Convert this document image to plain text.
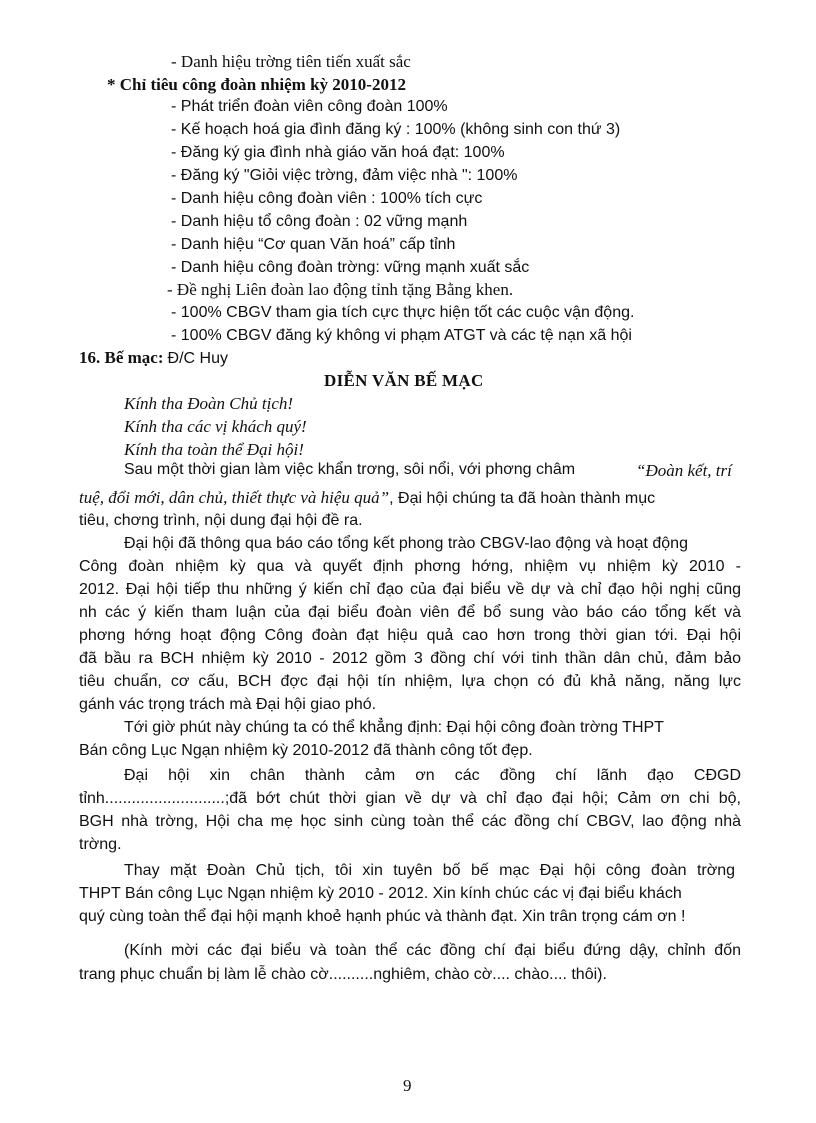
- Danh hiệu trờng tiên tiến xuất sắc
* Chỉ tiêu công đoàn nhiệm kỳ 2010-2012
- Phát triển đoàn viên công đoàn 100%
- Kế hoạch hoá gia đình đăng ký : 100% (không sinh con thứ 3)
- Đăng ký gia đình nhà giáo văn hoá đạt: 100%
- Đăng ký "Giỏi việc trờng, đảm việc nhà ": 100%
- Danh hiệu công đoàn viên : 100% tích cực
- Danh hiệu tổ công đoàn : 02 vững mạnh
- Danh hiệu “Cơ quan Văn hoá” cấp tỉnh
- Danh hiệu công đoàn trờng: vững mạnh xuất sắc
- Đề nghị Liên đoàn lao động tỉnh tặng Bằng khen.
- 100% CBGV tham gia tích cực thực hiện tốt các cuộc vận động.
- 100% CBGV đăng ký không vi phạm ATGT và các tệ nạn xã hội
16. Bế mạc: Đ/C Huy
DIỄN VĂN BẾ MẠC
Kính tha Đoàn Chủ tịch!
Kính tha các vị khách quý!
Kính tha toàn thể Đại hội!
Sau một thời gian làm việc khẩn trơng, sôi nổi, với phơng châm	“Đoàn kết, trí
tuệ, đổi mới, dân chủ, thiết thực và hiệu quả”, Đại hội chúng ta đã hoàn thành mục
tiêu, chơng trình, nội dung đại hội đề ra.
Đại hội đã thông qua báo cáo tổng kết phong trào CBGV-lao động và hoạt động
Công đoàn nhiệm kỳ qua và quyết định phơng hớng, nhiệm vụ nhiệm kỳ 2010 -
2012. Đại hội tiếp thu những ý kiến chỉ đạo của đại biểu về dự và chỉ đạo hội nghị cũng
nh các ý kiến tham luận của đại biểu đoàn viên để bổ sung vào báo cáo tổng kết và
phơng hớng hoạt động Công đoàn đạt hiệu quả cao hơn trong thời gian tới. Đại hội
đã bầu ra BCH nhiệm kỳ 2010 - 2012 gồm 3 đồng chí với tinh thần dân chủ, đảm bảo
tiêu chuẩn, cơ cấu, BCH đợc đại hội tín nhiệm, lựa chọn có đủ khả năng, năng lực
gánh vác trọng trách mà Đại hội giao phó.
Tới giờ phút này chúng ta có thể khẳng định: Đại hội công đoàn trờng THPT
Bán công Lục Ngạn nhiệm kỳ 2010-2012 đã thành công tốt đẹp.
Đại hội xin chân thành cảm ơn các đồng chí lãnh đạo CĐGD
tỉnh...........................;đã bớt chút thời gian về dự và chỉ đạo đại hội; Cảm ơn chi bộ,
BGH nhà trờng, Hội cha mẹ học sinh cùng toàn thể các đồng chí CBGV, lao động nhà
trờng.
Thay mặt Đoàn Chủ tịch, tôi xin tuyên bố bế mạc Đại hội công đoàn trờng
THPT Bán công Lục Ngạn nhiệm kỳ 2010 - 2012. Xin kính chúc các vị đại biểu khách
quý cùng toàn thể đại hội mạnh khoẻ hạnh phúc và thành đạt. Xin trân trọng cám ơn !
(Kính mời các đại biểu và toàn thể các đồng chí đại biểu đứng dậy, chỉnh đốn
trang phục chuẩn bị làm lễ chào cờ..........nghiêm, chào cờ.... chào.... thôi).
9
